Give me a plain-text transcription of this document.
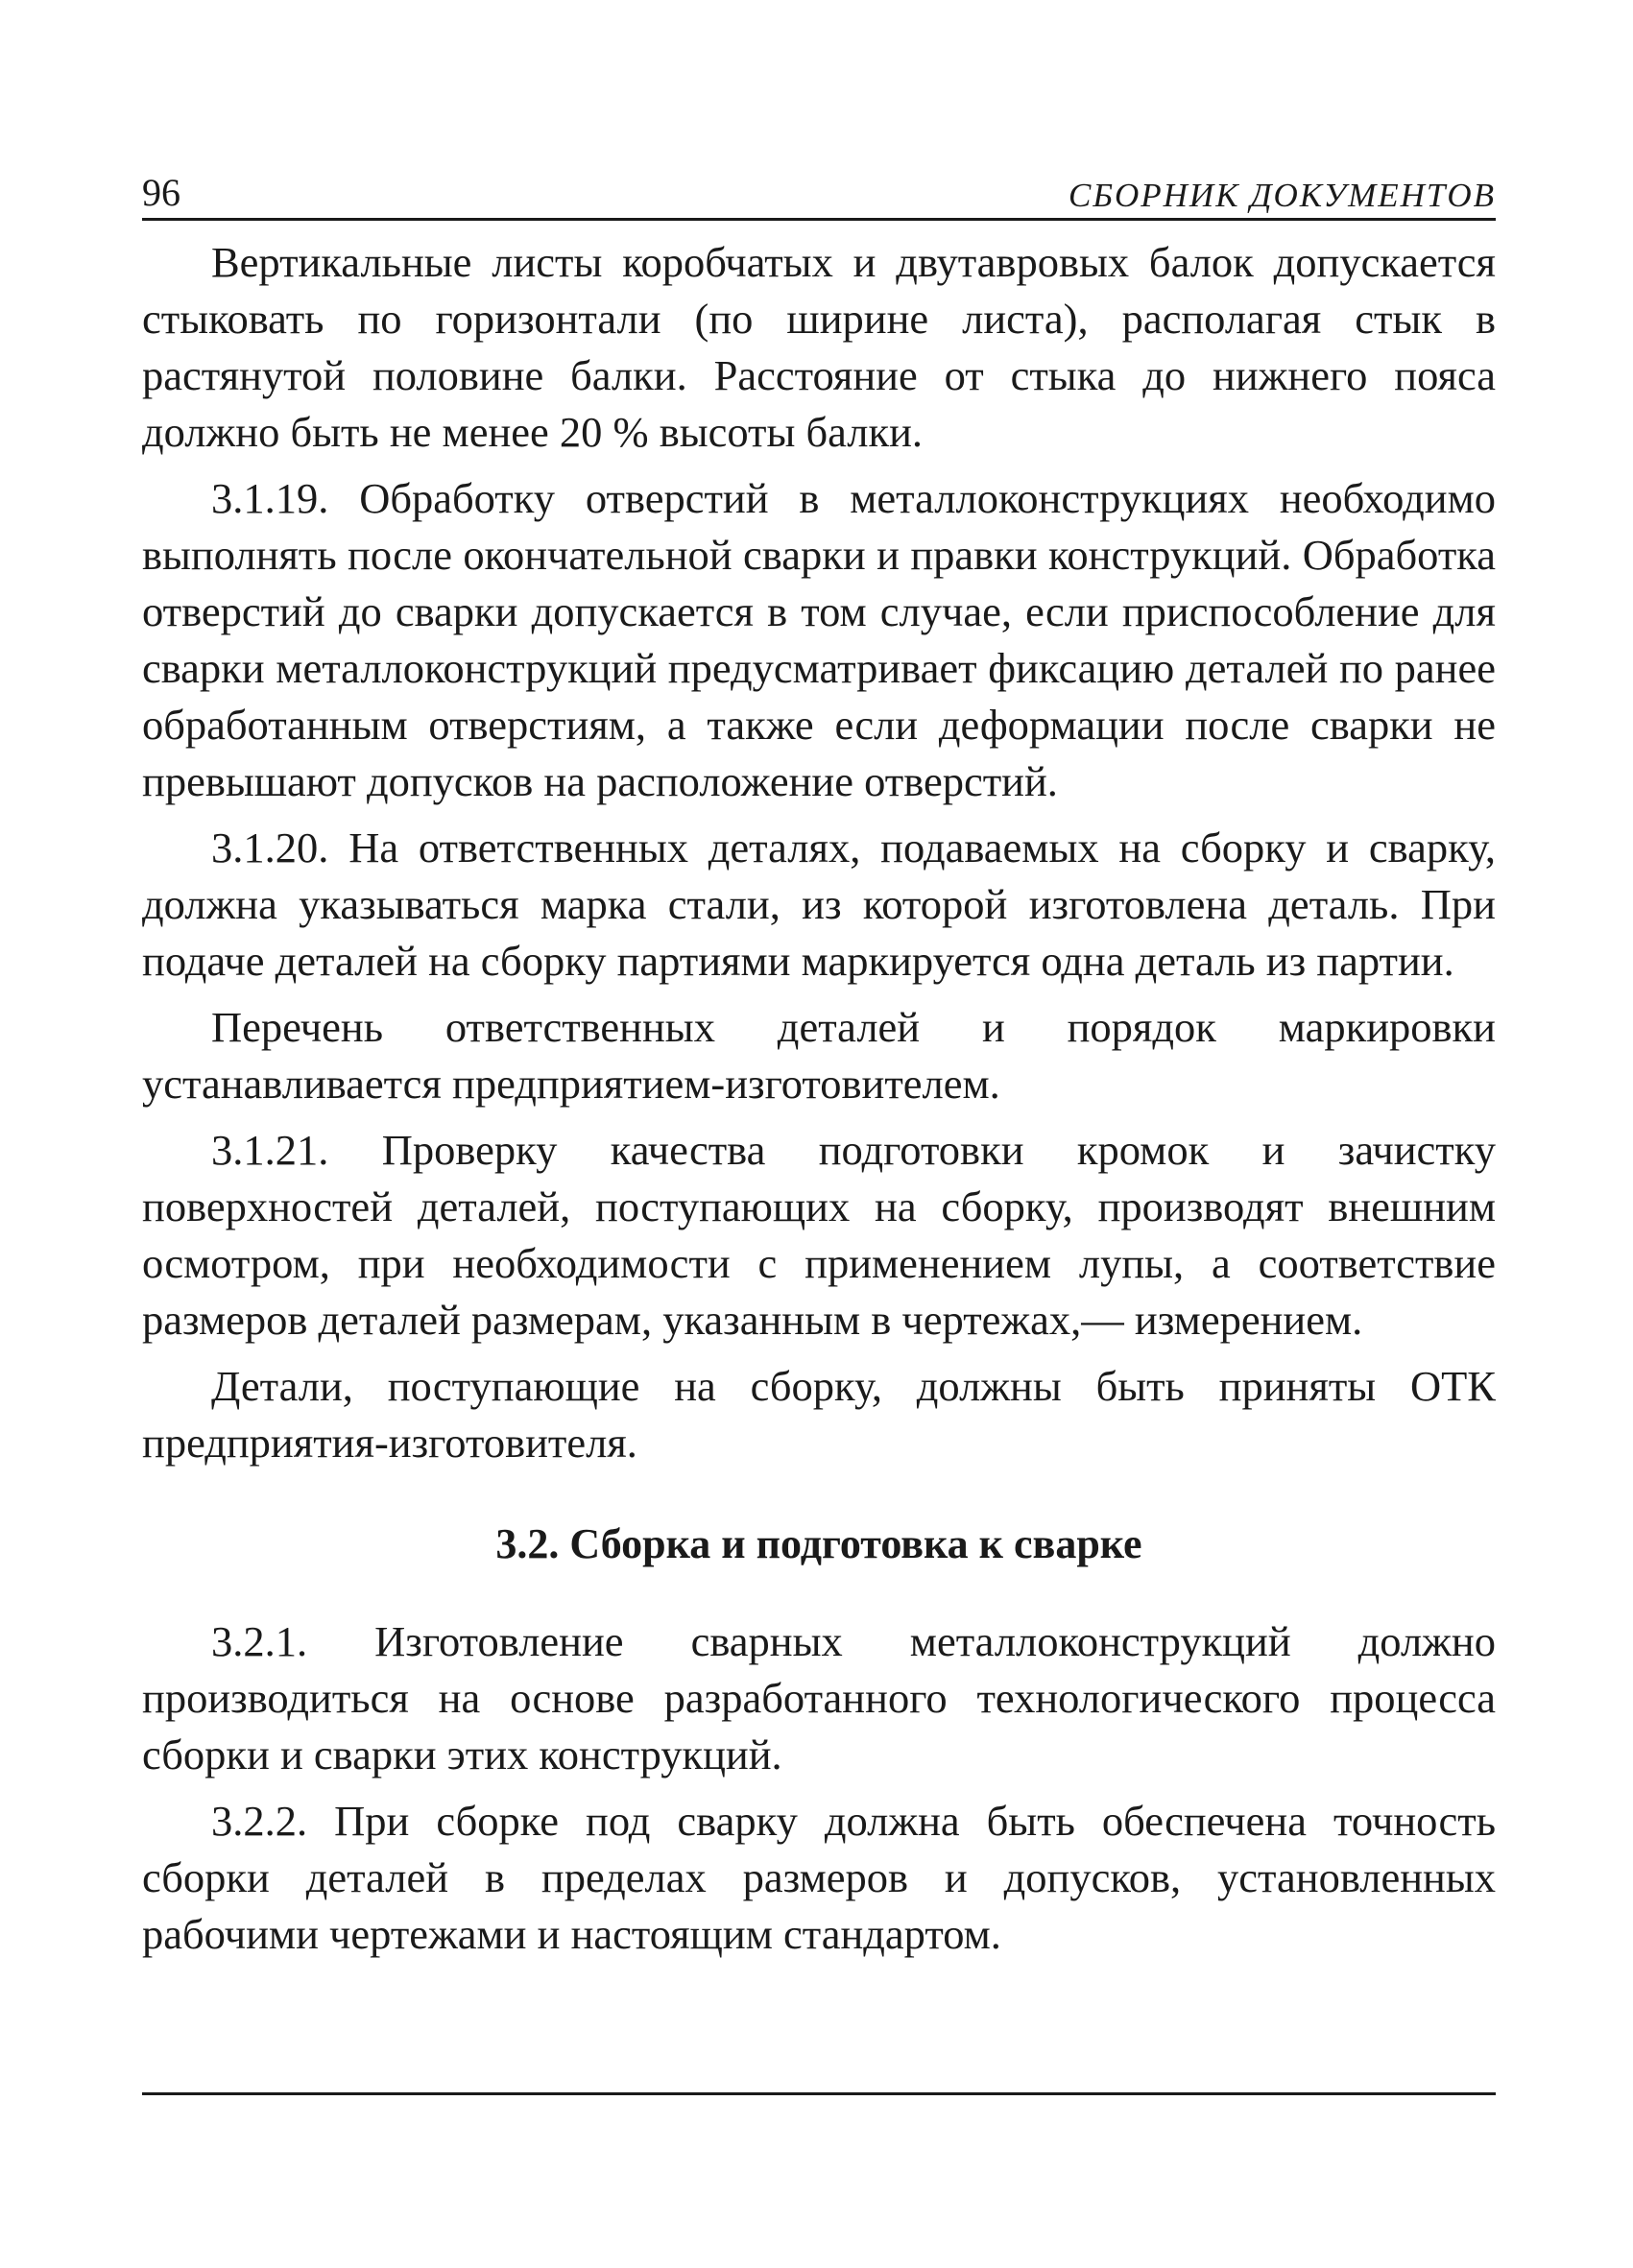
96	СБОРНИК ДОКУМЕНТОВ

Вертикальные листы коробчатых и двутавровых балок допускается стыковать по горизонтали (по ширине листа), располагая стык в растянутой половине балки. Расстояние от стыка до нижнего пояса должно быть не менее 20 % высоты балки.

3.1.19. Обработку отверстий в металлоконструкциях необходимо выполнять после окончательной сварки и правки конструкций. Обработка отверстий до сварки допускается в том случае, если приспособление для сварки металлоконструкций предусматривает фиксацию деталей по ранее обработанным отверстиям, а также если деформации после сварки не превышают допусков на расположение отверстий.

3.1.20. На ответственных деталях, подаваемых на сборку и сварку, должна указываться марка стали, из которой изготовлена деталь. При подаче деталей на сборку партиями маркируется одна деталь из партии.

Перечень ответственных деталей и порядок маркировки устанавливается предприятием-изготовителем.

3.1.21. Проверку качества подготовки кромок и зачистку поверхностей деталей, поступающих на сборку, производят внешним осмотром, при необходимости с применением лупы, а соответствие размеров деталей размерам, указанным в чертежах,— измерением.

Детали, поступающие на сборку, должны быть приняты ОТК предприятия-изготовителя.

3.2. Сборка и подготовка к сварке

3.2.1. Изготовление сварных металлоконструкций должно производиться на основе разработанного технологического процесса сборки и сварки этих конструкций.

3.2.2. При сборке под сварку должна быть обеспечена точность сборки деталей в пределах размеров и допусков, установленных рабочими чертежами и настоящим стандартом.
